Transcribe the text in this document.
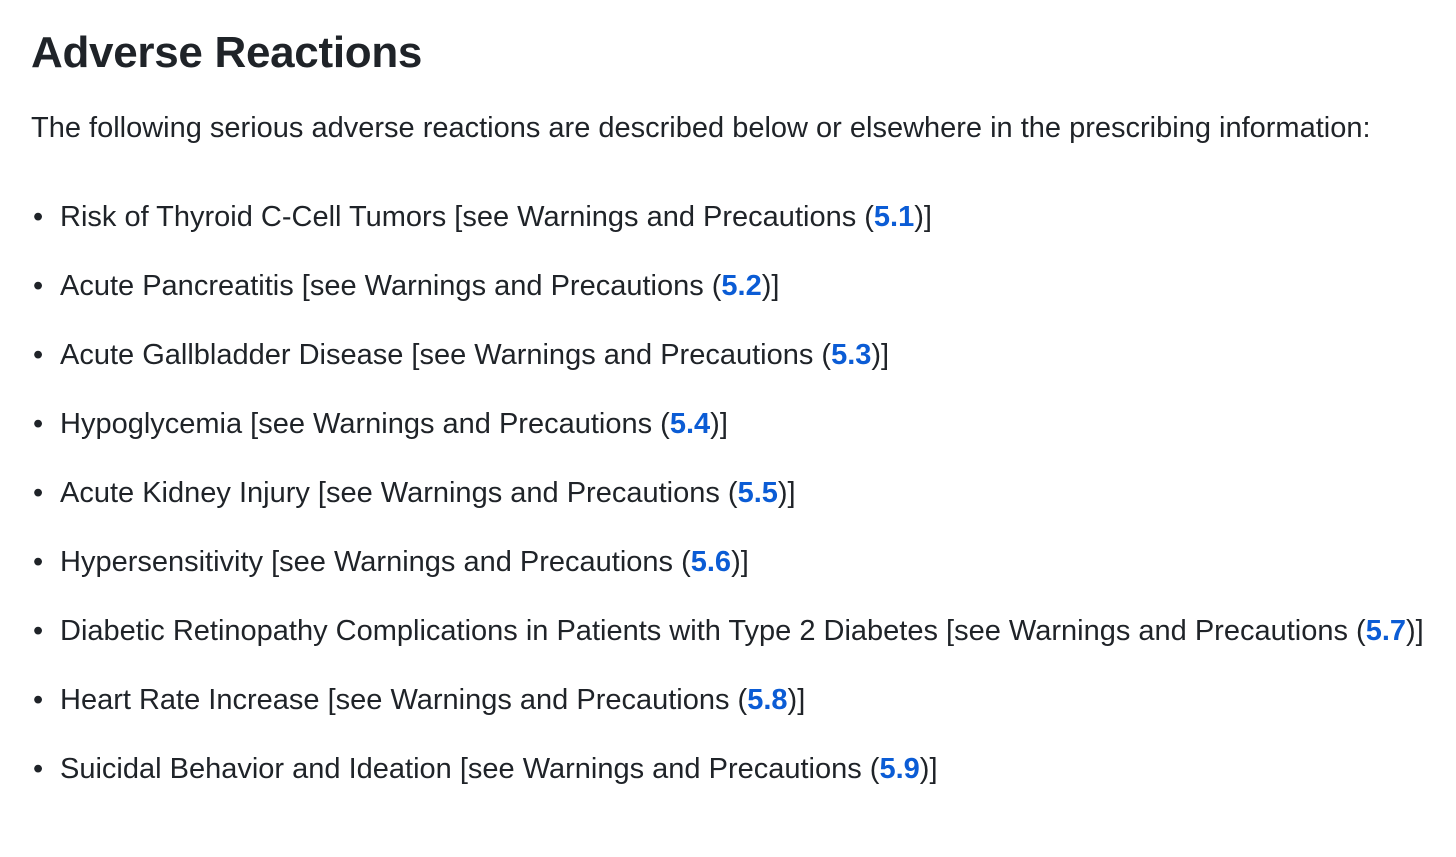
Adverse Reactions

The following serious adverse reactions are described below or elsewhere in the prescribing information:

• Risk of Thyroid C-Cell Tumors [see Warnings and Precautions (5.1)]
• Acute Pancreatitis [see Warnings and Precautions (5.2)]
• Acute Gallbladder Disease [see Warnings and Precautions (5.3)]
• Hypoglycemia [see Warnings and Precautions (5.4)]
• Acute Kidney Injury [see Warnings and Precautions (5.5)]
• Hypersensitivity [see Warnings and Precautions (5.6)]
• Diabetic Retinopathy Complications in Patients with Type 2 Diabetes [see Warnings and Precautions (5.7)]
• Heart Rate Increase [see Warnings and Precautions (5.8)]
• Suicidal Behavior and Ideation [see Warnings and Precautions (5.9)]
